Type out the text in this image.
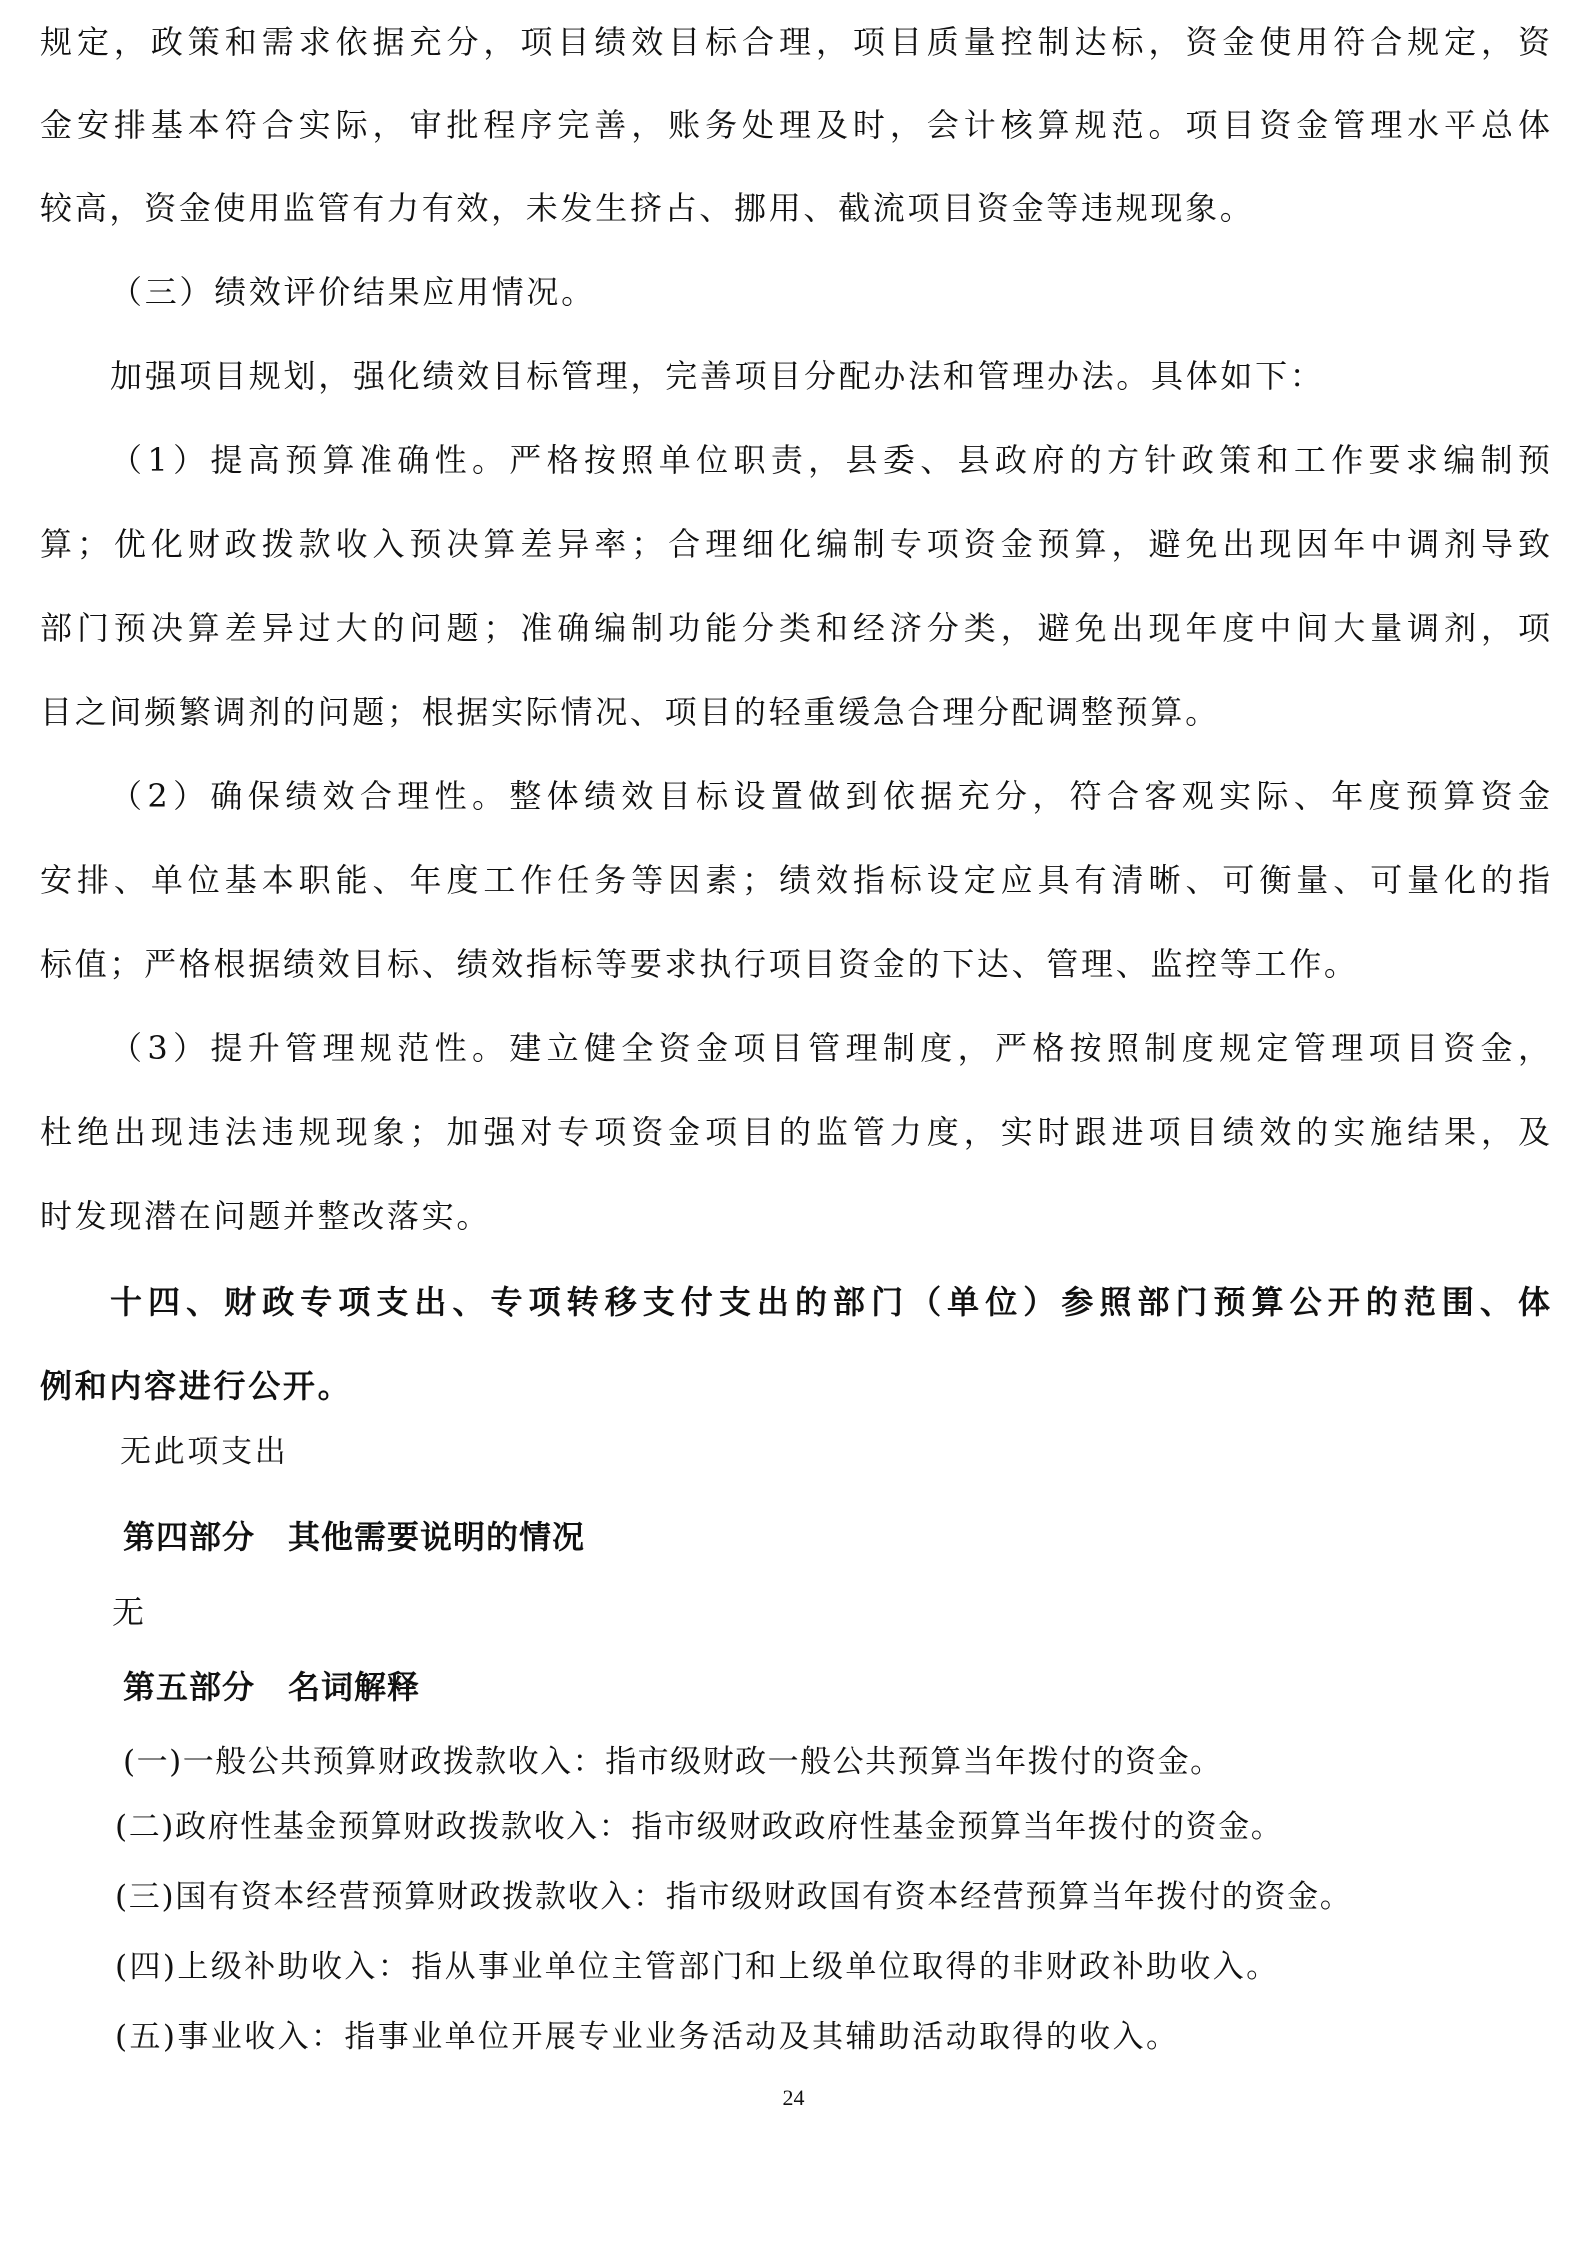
规定，政策和需求依据充分，项目绩效目标合理，项目质量控制达标，资金使用符合规定，资
金安排基本符合实际，审批程序完善，账务处理及时，会计核算规范。项目资金管理水平总体
较高，资金使用监管有力有效，未发生挤占、挪用、截流项目资金等违规现象。
（三）绩效评价结果应用情况。
加强项目规划，强化绩效目标管理，完善项目分配办法和管理办法。具体如下：
（1）提高预算准确性。严格按照单位职责，县委、县政府的方针政策和工作要求编制预
算；优化财政拨款收入预决算差异率；合理细化编制专项资金预算，避免出现因年中调剂导致
部门预决算差异过大的问题；准确编制功能分类和经济分类，避免出现年度中间大量调剂，项
目之间频繁调剂的问题；根据实际情况、项目的轻重缓急合理分配调整预算。
（2）确保绩效合理性。整体绩效目标设置做到依据充分，符合客观实际、年度预算资金
安排、单位基本职能、年度工作任务等因素；绩效指标设定应具有清晰、可衡量、可量化的指
标值；严格根据绩效目标、绩效指标等要求执行项目资金的下达、管理、监控等工作。
（3）提升管理规范性。建立健全资金项目管理制度，严格按照制度规定管理项目资金，
杜绝出现违法违规现象；加强对专项资金项目的监管力度，实时跟进项目绩效的实施结果，及
时发现潜在问题并整改落实。
十四、财政专项支出、专项转移支付支出的部门（单位）参照部门预算公开的范围、体
例和内容进行公开。
无此项支出
第四部分　其他需要说明的情况
无
第五部分　名词解释
(一)一般公共预算财政拨款收入：指市级财政一般公共预算当年拨付的资金。
(二)政府性基金预算财政拨款收入：指市级财政政府性基金预算当年拨付的资金。
(三)国有资本经营预算财政拨款收入：指市级财政国有资本经营预算当年拨付的资金。
(四)上级补助收入：指从事业单位主管部门和上级单位取得的非财政补助收入。
(五)事业收入：指事业单位开展专业业务活动及其辅助活动取得的收入。
24
